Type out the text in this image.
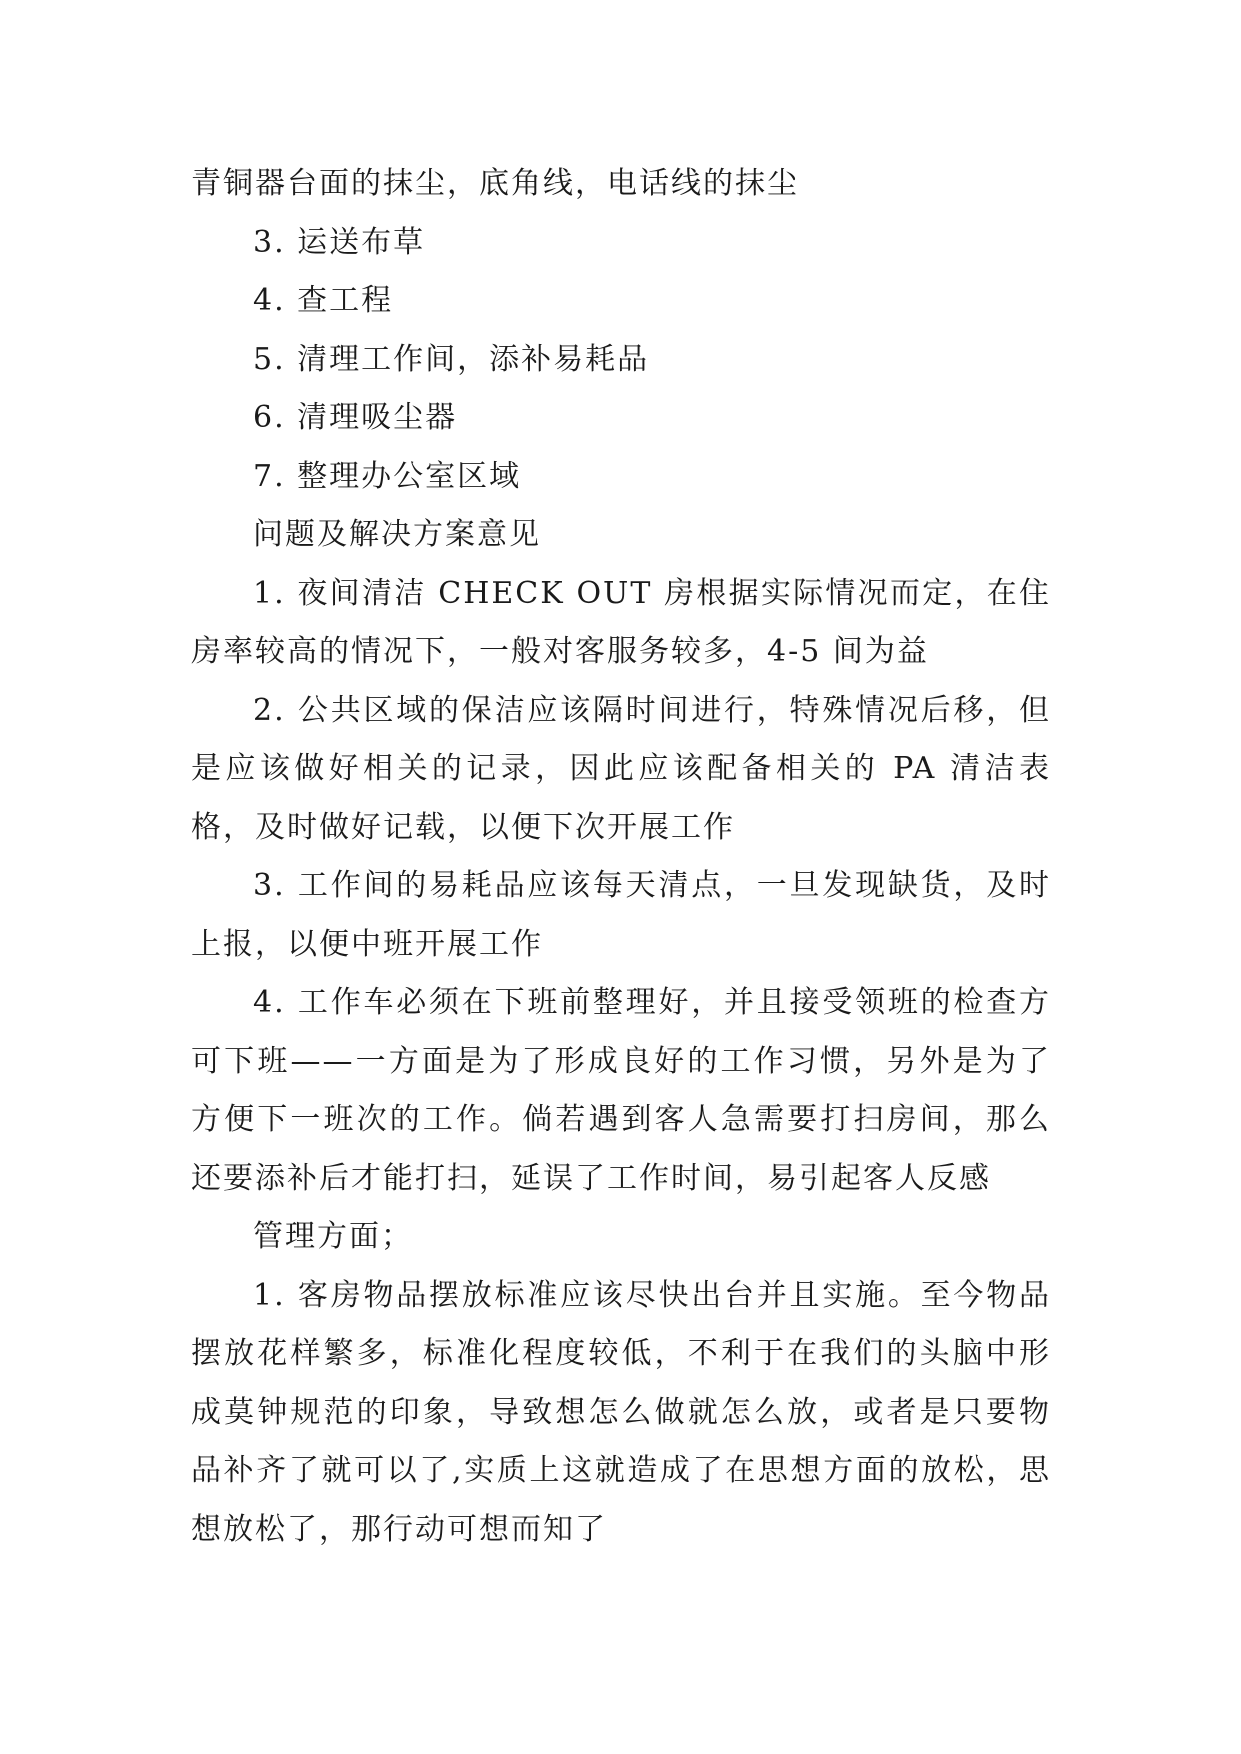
青铜器台面的抹尘，底角线，电话线的抹尘

3. 运送布草

4. 查工程

5. 清理工作间，添补易耗品

6. 清理吸尘器

7. 整理办公室区域

问题及解决方案意见

1. 夜间清洁 CHECK OUT 房根据实际情况而定，在住房率较高的情况下，一般对客服务较多，4-5 间为益

2. 公共区域的保洁应该隔时间进行，特殊情况后移，但是应该做好相关的记录，因此应该配备相关的 PA 清洁表格，及时做好记载，以便下次开展工作

3. 工作间的易耗品应该每天清点，一旦发现缺货，及时上报，以便中班开展工作

4. 工作车必须在下班前整理好，并且接受领班的检查方可下班——一方面是为了形成良好的工作习惯，另外是为了方便下一班次的工作。倘若遇到客人急需要打扫房间，那么还要添补后才能打扫，延误了工作时间，易引起客人反感

管理方面；

1. 客房物品摆放标准应该尽快出台并且实施。至今物品摆放花样繁多，标准化程度较低，不利于在我们的头脑中形成莫钟规范的印象，导致想怎么做就怎么放，或者是只要物品补齐了就可以了,实质上这就造成了在思想方面的放松，思想放松了，那行动可想而知了
